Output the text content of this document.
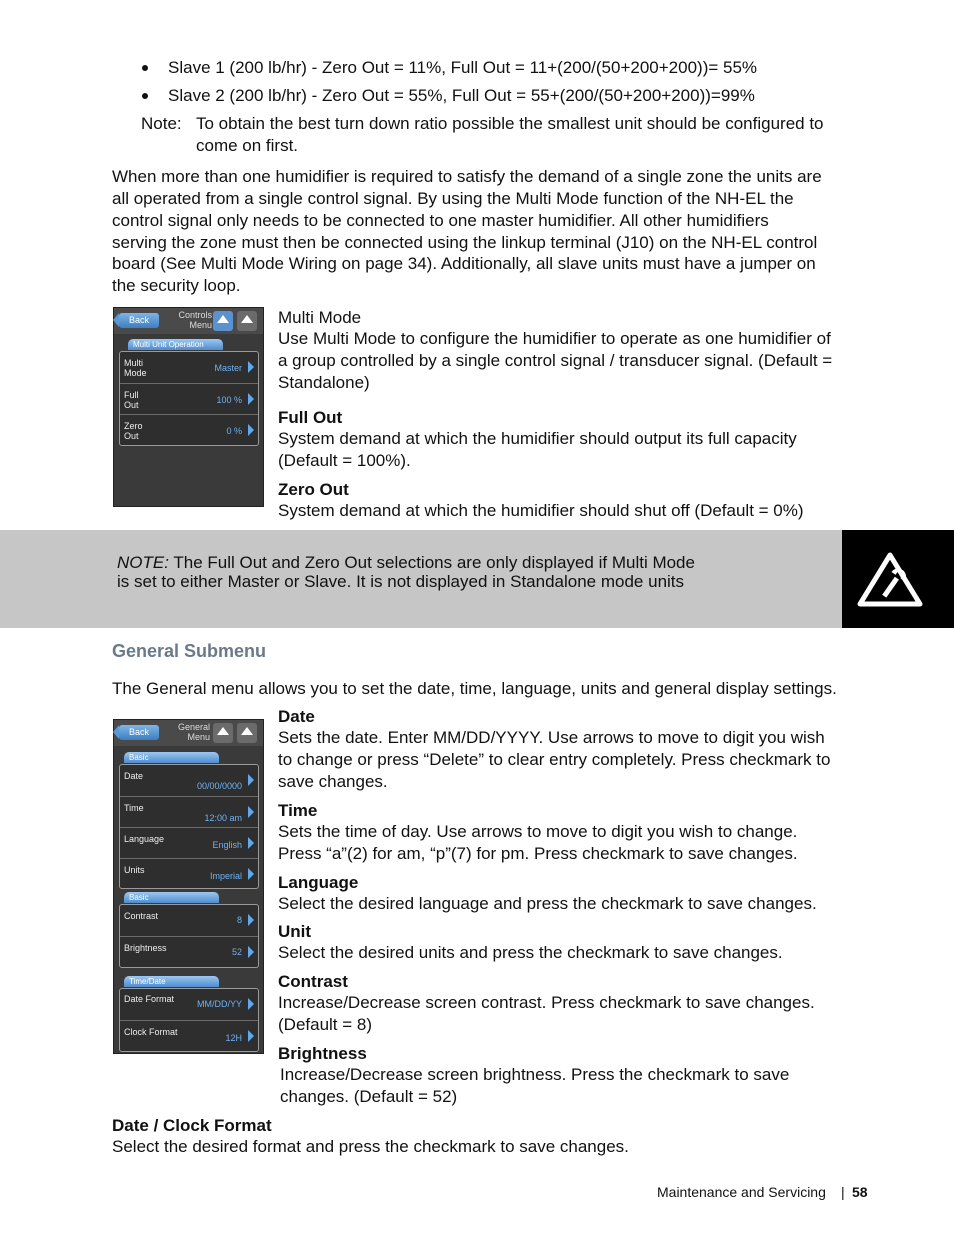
Slave 1 (200 lb/hr) - Zero Out = 11%, Full Out = 11+(200/(50+200+200))= 55%
Slave 2 (200 lb/hr) - Zero Out = 55%, Full Out = 55+(200/(50+200+200))=99%
Note: To obtain the best turn down ratio possible the smallest unit should be configured to
come on first.
When more than one humidifier is required to satisfy the demand of a single zone the units are
all operated from a single control signal. By using the Multi Mode function of the NH-EL the
control signal only needs to be connected to one master humidifier. All other humidifiers
serving the zone must then be connected using the linkup terminal (J10) on the NH-EL control
board (See Multi Mode Wiring on page 34). Additionally, all slave units must have a jumper on
the security loop.
Back	Controls Menu
Multi Unit Operation
Multi Mode	Master
Full Out	100 %
Zero Out	0 %
Multi Mode
Use Multi Mode to configure the humidifier to operate as one humidifier of
a group controlled by a single control signal / transducer signal. (Default =
Standalone)
Full Out
System demand at which the humidifier should output its full capacity
(Default = 100%).
Zero Out
System demand at which the humidifier should shut off (Default = 0%)
NOTE: The Full Out and Zero Out selections are only displayed if Multi Mode
is set to either Master or Slave. It is not displayed in Standalone mode units
General Submenu
The General menu allows you to set the date, time, language, units and general display settings.
Back	General Menu
Basic
Date
00/00/0000
Time
12:00 am
Language
English
Units
Imperial
Basic
Contrast	8
Brightness	52
Time/Date
Date Format	MM/DD/YY
Clock Format
12H
Date
Sets the date. Enter MM/DD/YYYY. Use arrows to move to digit you wish
to change or press “Delete” to clear entry completely. Press checkmark to
save changes.
Time
Sets the time of day. Use arrows to move to digit you wish to change.
Press “a”(2) for am, “p”(7) for pm. Press checkmark to save changes.
Language
Select the desired language and press the checkmark to save changes.
Unit
Select the desired units and press the checkmark to save changes.
Contrast
Increase/Decrease screen contrast. Press checkmark to save changes.
(Default = 8)
Brightness
Increase/Decrease screen brightness. Press the checkmark to save
changes. (Default = 52)
Date / Clock Format
Select the desired format and press the checkmark to save changes.
Maintenance and Servicing | 58
